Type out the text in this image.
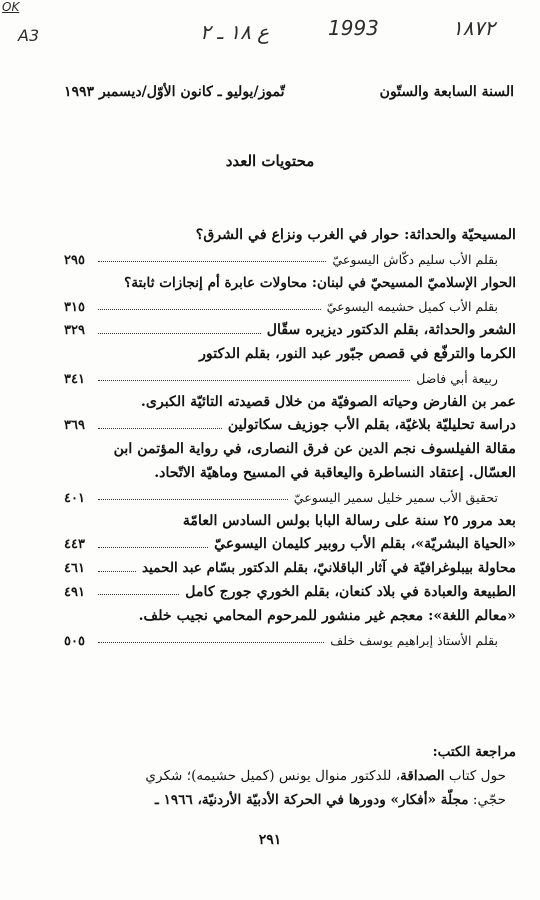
OK
A3	ع ١٨ ـ ٢	1993	١٨٧٢
السنة السابعة والستّون
تّموز/يوليو ـ كانون الأوّل/ديسمبر ١٩٩٣
محتويات العدد
المسيحيّة والحداثة: حوار في الغرب ونزاع في الشرق؟
بقلم الأب سليم دكّاش اليسوعيّ
٢٩٥
الحوار الإسلاميّ المسيحيّ في لبنان: محاولات عابرة أم إنجازات ثابتة؟
بقلم الأب كميل حشيمه اليسوعيّ
٣١٥
الشعر والحداثة، بقلم الدكتور ديزيره سقّال
٣٢٩
الكرما والترفّع في قصص جبّور عبد النور، بقلم الدكتور
ربيعة أبي فاضل
٣٤١
عمر بن الفارض وحياته الصوفيّة من خلال قصيدته التائيّة الكبرى.
دراسة تحليليّة بلاغيّة، بقلم الأب جوزيف سكاتولين
٣٦٩
مقالة الفيلسوف نجم الدين عن فرق النصارى، في رواية المؤتمن ابن
العسّال. إعتقاد النساطرة واليعاقبة في المسيح وماهيّة الاتّحاد.
تحقيق الأب سمير خليل سمير اليسوعيّ
٤٠١
بعد مرور ٢٥ سنة على رسالة البابا بولس السادس العامّة
«الحياة البشريّة»، بقلم الأب روبير كليمان اليسوعيّ
٤٤٣
محاولة بيبلوغرافيّة في آثار الباقلانيّ، بقلم الدكتور بسّام عبد الحميد
٤٦١
الطبيعة والعبادة في بلاد كنعان، بقلم الخوري جورج كامل
٤٩١
«معالم اللغة»: معجم غير منشور للمرحوم المحامي نجيب خلف.
بقلم الأستاذ إبراهيم يوسف خلف
٥٠٥
مراجعة الكتب:
حول كتاب الصداقة، للدكتور منوال يونس (كميل حشيمه)؛ شكري
حجّي: مجلّة «أفكار» ودورها في الحركة الأدبيّة الأردنيّة، ١٩٦٦ ـ
٢٩١
